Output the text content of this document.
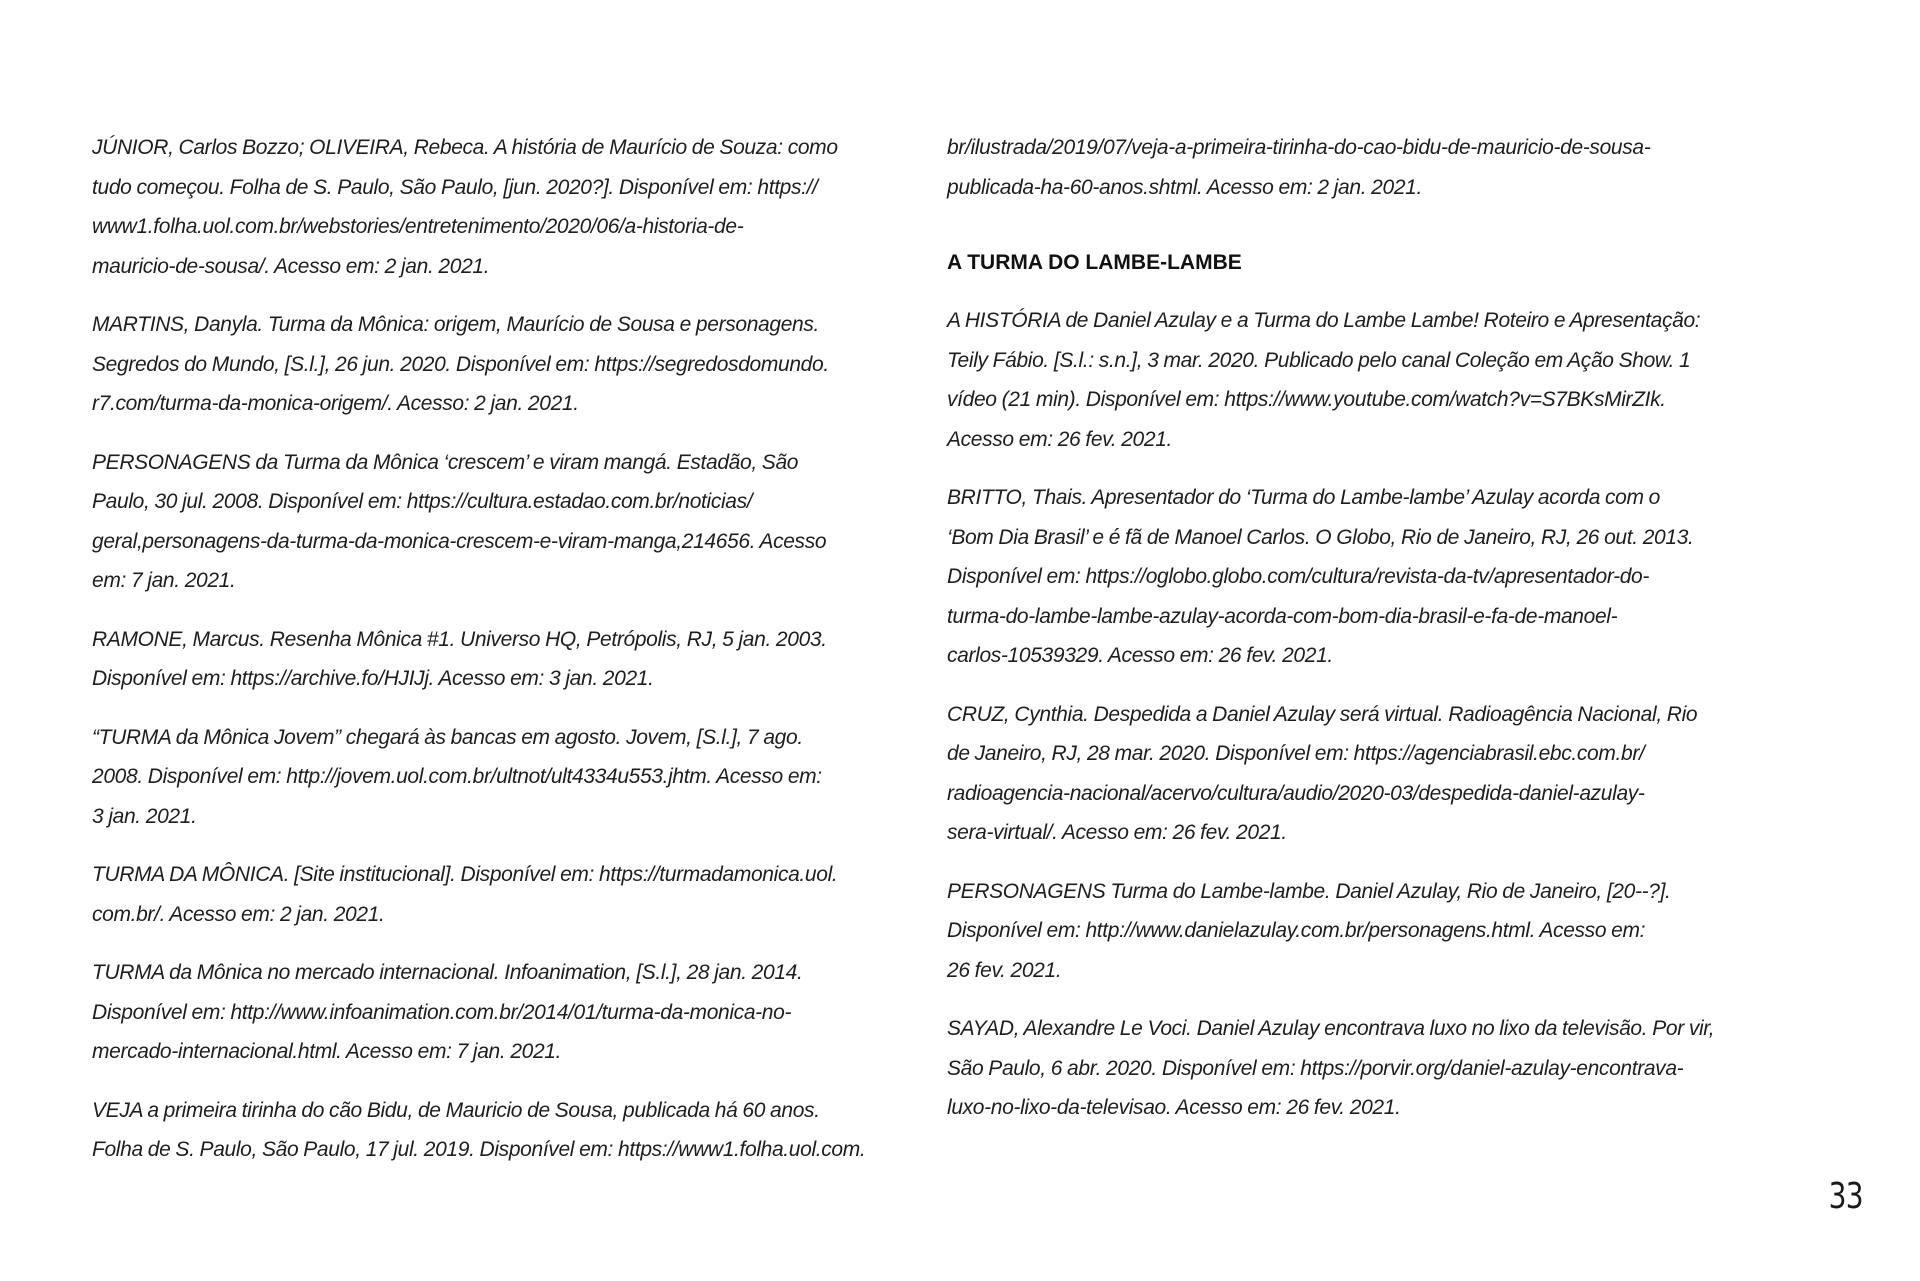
JÚNIOR, Carlos Bozzo; OLIVEIRA, Rebeca. A história de Maurício de Souza: como
tudo começou. Folha de S. Paulo, São Paulo, [jun. 2020?]. Disponível em: https://
www1.folha.uol.com.br/webstories/entretenimento/2020/06/a-historia-de-
mauricio-de-sousa/. Acesso em: 2 jan. 2021.
MARTINS, Danyla. Turma da Mônica: origem, Maurício de Sousa e personagens.
Segredos do Mundo, [S.l.], 26 jun. 2020. Disponível em: https://segredosdomundo.
r7.com/turma-da-monica-origem/. Acesso: 2 jan. 2021.
PERSONAGENS da Turma da Mônica ‘crescem’ e viram mangá. Estadão, São
Paulo, 30 jul. 2008. Disponível em: https://cultura.estadao.com.br/noticias/
geral,personagens-da-turma-da-monica-crescem-e-viram-manga,214656. Acesso
em: 7 jan. 2021.
RAMONE, Marcus. Resenha Mônica #1. Universo HQ, Petrópolis, RJ, 5 jan. 2003.
Disponível em: https://archive.fo/HJIJj. Acesso em: 3 jan. 2021.
“TURMA da Mônica Jovem” chegará às bancas em agosto. Jovem, [S.l.], 7 ago.
2008. Disponível em: http://jovem.uol.com.br/ultnot/ult4334u553.jhtm. Acesso em:
3 jan. 2021.
TURMA DA MÔNICA. [Site institucional]. Disponível em: https://turmadamonica.uol.
com.br/. Acesso em: 2 jan. 2021.
TURMA da Mônica no mercado internacional. Infoanimation, [S.l.], 28 jan. 2014.
Disponível em: http://www.infoanimation.com.br/2014/01/turma-da-monica-no-
mercado-internacional.html. Acesso em: 7 jan. 2021.
VEJA a primeira tirinha do cão Bidu, de Mauricio de Sousa, publicada há 60 anos.
Folha de S. Paulo, São Paulo, 17 jul. 2019. Disponível em: https://www1.folha.uol.com.
br/ilustrada/2019/07/veja-a-primeira-tirinha-do-cao-bidu-de-mauricio-de-sousa-
publicada-ha-60-anos.shtml. Acesso em: 2 jan. 2021.
A TURMA DO LAMBE-LAMBE
A HISTÓRIA de Daniel Azulay e a Turma do Lambe Lambe! Roteiro e Apresentação:
Teily Fábio. [S.l.: s.n.], 3 mar. 2020. Publicado pelo canal Coleção em Ação Show. 1
vídeo (21 min). Disponível em: https://www.youtube.com/watch?v=S7BKsMirZIk.
Acesso em: 26 fev. 2021.
BRITTO, Thais. Apresentador do ‘Turma do Lambe-lambe’ Azulay acorda com o
‘Bom Dia Brasil’ e é fã de Manoel Carlos. O Globo, Rio de Janeiro, RJ, 26 out. 2013.
Disponível em: https://oglobo.globo.com/cultura/revista-da-tv/apresentador-do-
turma-do-lambe-lambe-azulay-acorda-com-bom-dia-brasil-e-fa-de-manoel-
carlos-10539329. Acesso em: 26 fev. 2021.
CRUZ, Cynthia. Despedida a Daniel Azulay será virtual. Radioagência Nacional, Rio
de Janeiro, RJ, 28 mar. 2020. Disponível em: https://agenciabrasil.ebc.com.br/
radioagencia-nacional/acervo/cultura/audio/2020-03/despedida-daniel-azulay-
sera-virtual/. Acesso em: 26 fev. 2021.
PERSONAGENS Turma do Lambe-lambe. Daniel Azulay, Rio de Janeiro, [20--?].
Disponível em: http://www.danielazulay.com.br/personagens.html. Acesso em:
26 fev. 2021.
SAYAD, Alexandre Le Voci. Daniel Azulay encontrava luxo no lixo da televisão. Por vir,
São Paulo, 6 abr. 2020. Disponível em: https://porvir.org/daniel-azulay-encontrava-
luxo-no-lixo-da-televisao. Acesso em: 26 fev. 2021.
33
